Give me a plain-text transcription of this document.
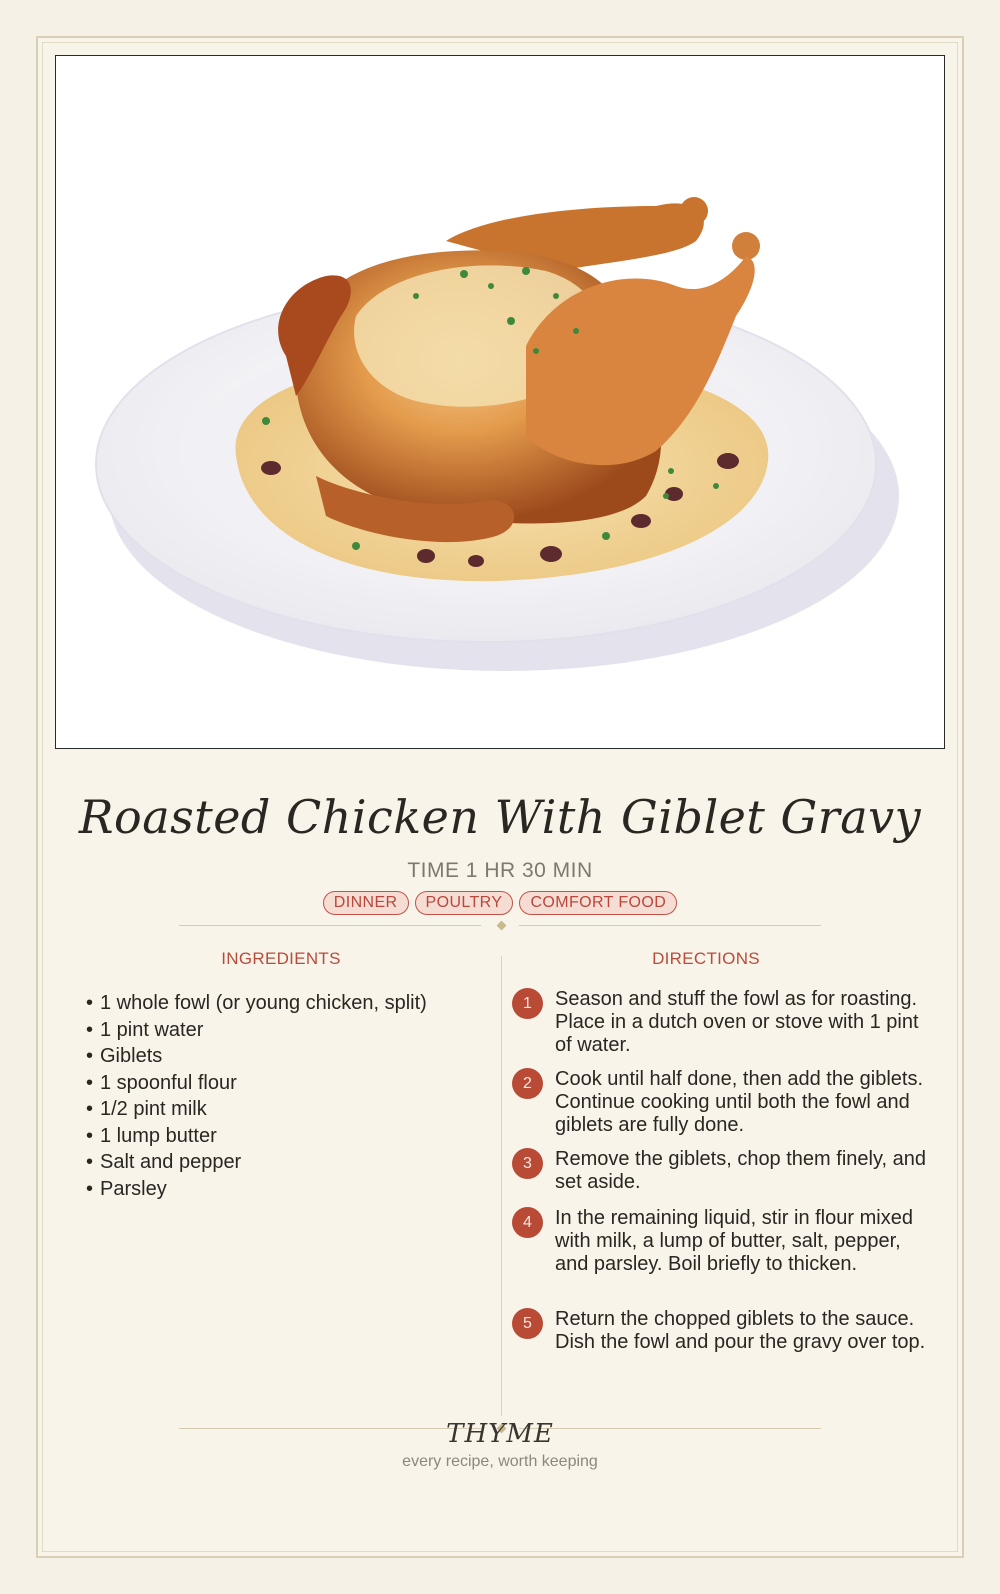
Roasted Chicken With Giblet Gravy
TIME 1 HR 30 MIN
DINNER POULTRY COMFORT FOOD
INGREDIENTS
• 1 whole fowl (or young chicken, split)
• 1 pint water
• Giblets
• 1 spoonful flour
• 1/2 pint milk
• 1 lump butter
• Salt and pepper
• Parsley
DIRECTIONS
1	Season and stuff the fowl as for roasting. Place in a dutch oven or stove with 1 pint of water.
2	Cook until half done, then add the giblets. Continue cooking until both the fowl and giblets are fully done.
3	Remove the giblets, chop them finely, and set aside.
4	In the remaining liquid, stir in flour mixed with milk, a lump of butter, salt, pepper, and parsley. Boil briefly to thicken.
5	Return the chopped giblets to the sauce. Dish the fowl and pour the gravy over top.
THYME
every recipe, worth keeping
